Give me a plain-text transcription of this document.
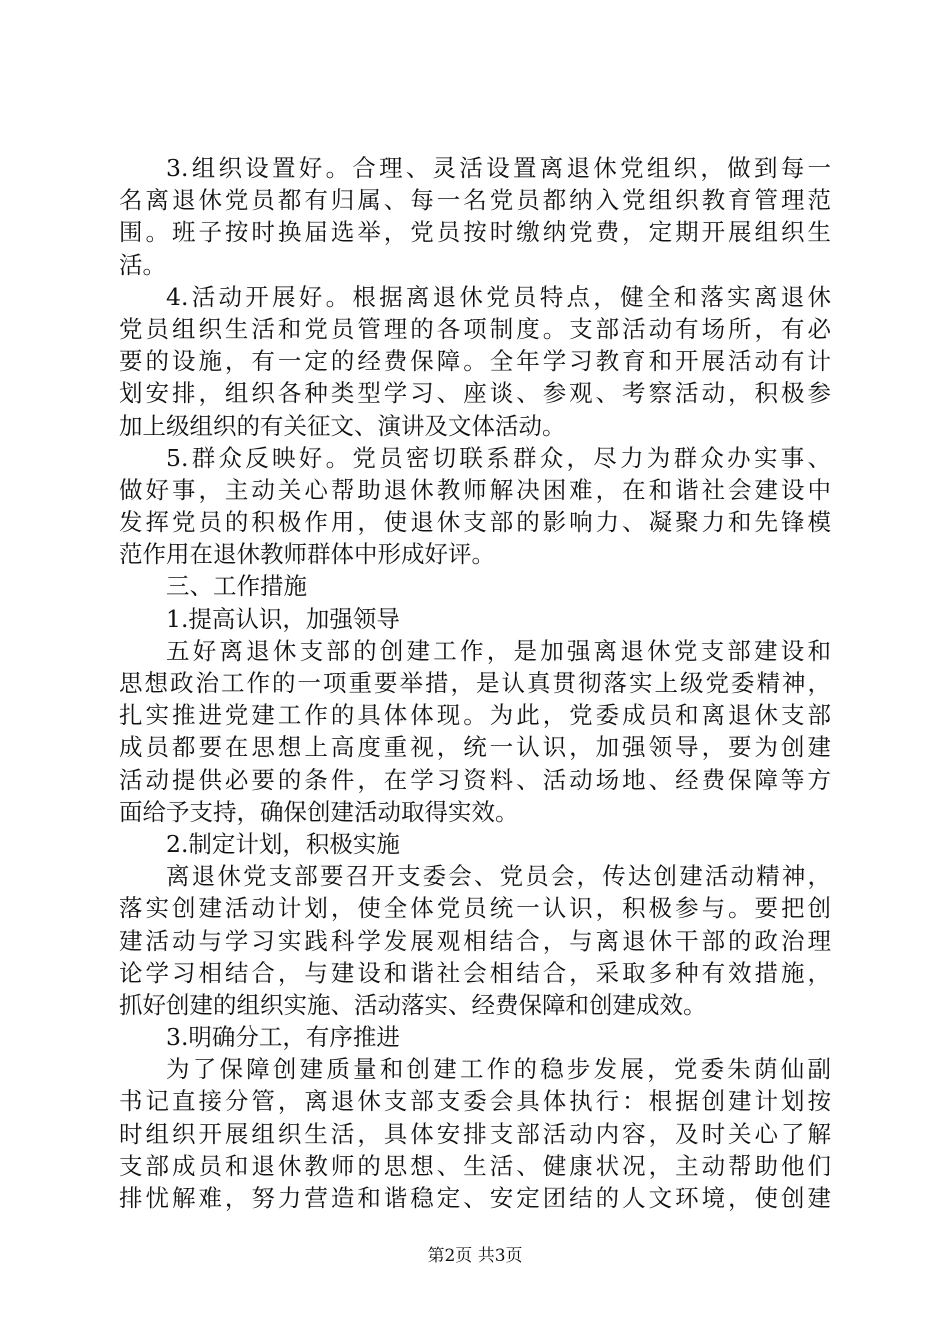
3.组织设置好。合理、灵活设置离退休党组织，做到每一
名离退休党员都有归属、每一名党员都纳入党组织教育管理范
围。班子按时换届选举，党员按时缴纳党费，定期开展组织生
活。
4.活动开展好。根据离退休党员特点，健全和落实离退休
党员组织生活和党员管理的各项制度。支部活动有场所，有必
要的设施，有一定的经费保障。全年学习教育和开展活动有计
划安排，组织各种类型学习、座谈、参观、考察活动，积极参
加上级组织的有关征文、演讲及文体活动。
5.群众反映好。党员密切联系群众，尽力为群众办实事、
做好事，主动关心帮助退休教师解决困难，在和谐社会建设中
发挥党员的积极作用，使退休支部的影响力、凝聚力和先锋模
范作用在退休教师群体中形成好评。
三、工作措施
1.提高认识，加强领导
五好离退休支部的创建工作，是加强离退休党支部建设和
思想政治工作的一项重要举措，是认真贯彻落实上级党委精神，
扎实推进党建工作的具体体现。为此，党委成员和离退休支部
成员都要在思想上高度重视，统一认识，加强领导，要为创建
活动提供必要的条件，在学习资料、活动场地、经费保障等方
面给予支持，确保创建活动取得实效。
2.制定计划，积极实施
离退休党支部要召开支委会、党员会，传达创建活动精神，
落实创建活动计划，使全体党员统一认识，积极参与。要把创
建活动与学习实践科学发展观相结合，与离退休干部的政治理
论学习相结合，与建设和谐社会相结合，采取多种有效措施，
抓好创建的组织实施、活动落实、经费保障和创建成效。
3.明确分工，有序推进
为了保障创建质量和创建工作的稳步发展，党委朱荫仙副
书记直接分管，离退休支部支委会具体执行：根据创建计划按
时组织开展组织生活，具体安排支部活动内容，及时关心了解
支部成员和退休教师的思想、生活、健康状况，主动帮助他们
排忧解难，努力营造和谐稳定、安定团结的人文环境，使创建
第2页 共3页
